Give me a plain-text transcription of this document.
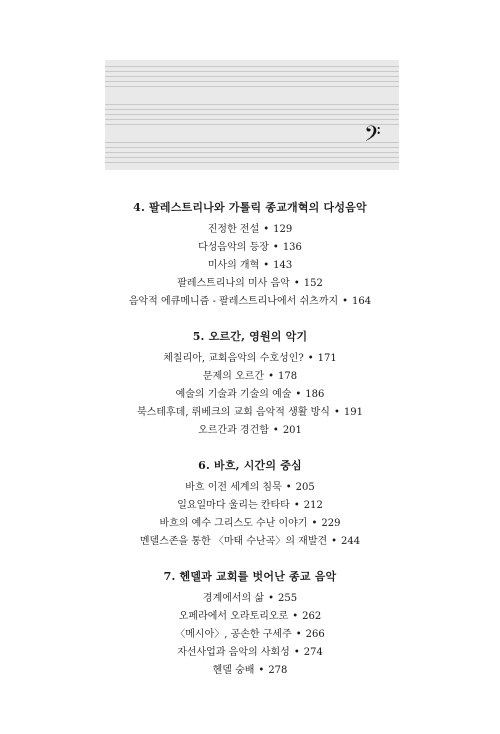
𝄢
4. 팔레스트리나와 가톨릭 종교개혁의 다성음악
진정한 전설 • 129
다성음악의 등장 • 136
미사의 개혁 • 143
팔레스트리나의 미사 음악 • 152
음악적 에큐메니즘 - 팔레스트리나에서 쉬츠까지 • 164
5. 오르간, 영원의 악기
체칠리아, 교회음악의 수호성인? • 171
문제의 오르간 • 178
예술의 기술과 기술의 예술 • 186
북스테후데, 뤼베크의 교회 음악적 생활 방식 • 191
오르간과 경건함 • 201
6. 바흐, 시간의 중심
바흐 이전 세계의 침묵 • 205
일요일마다 울리는 칸타타 • 212
바흐의 예수 그리스도 수난 이야기 • 229
멘델스존을 통한 〈마태 수난곡〉의 재발견 • 244
7. 헨델과 교회를 벗어난 종교 음악
경계에서의 삶 • 255
오페라에서 오라토리오로 • 262
〈메시아〉, 공손한 구세주 • 266
자선사업과 음악의 사회성 • 274
헨델 숭배 • 278
